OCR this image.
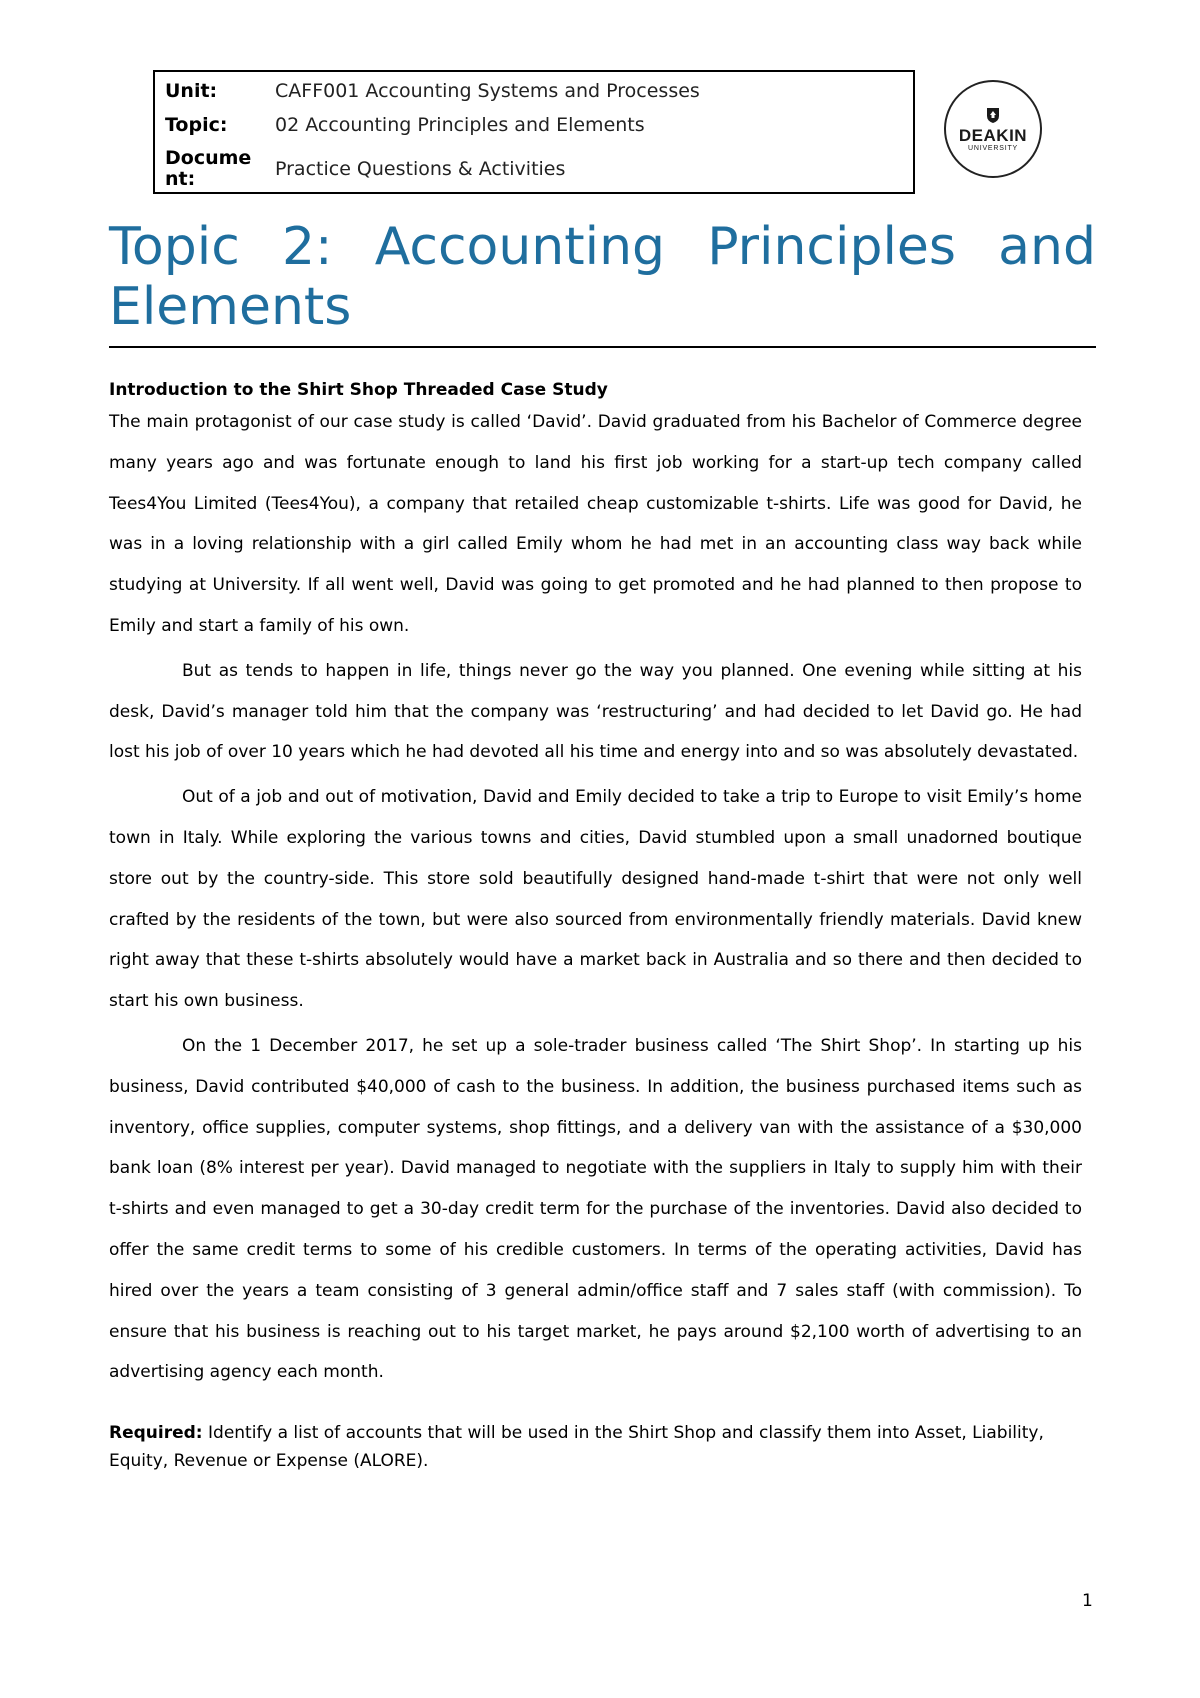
Unit:	CAFF001 Accounting Systems and Processes
Topic:	02 Accounting Principles and Elements
Docume
nt:	Practice Questions & Activities
DEAKIN
UNIVERSITY
Topic 2: Accounting Principles and Elements

Introduction to the Shirt Shop Threaded Case Study

The main protagonist of our case study is called ‘David’. David graduated from his Bachelor of Commerce degree many years ago and was fortunate enough to land his first job working for a start-up tech company called Tees4You Limited (Tees4You), a company that retailed cheap customizable t-shirts. Life was good for David, he was in a loving relationship with a girl called Emily whom he had met in an accounting class way back while studying at University. If all went well, David was going to get promoted and he had planned to then propose to Emily and start a family of his own.

But as tends to happen in life, things never go the way you planned. One evening while sitting at his desk, David’s manager told him that the company was ‘restructuring’ and had decided to let David go. He had lost his job of over 10 years which he had devoted all his time and energy into and so was absolutely devastated.

Out of a job and out of motivation, David and Emily decided to take a trip to Europe to visit Emily’s home town in Italy. While exploring the various towns and cities, David stumbled upon a small unadorned boutique store out by the country-side. This store sold beautifully designed hand-made t-shirt that were not only well crafted by the residents of the town, but were also sourced from environmentally friendly materials. David knew right away that these t-shirts absolutely would have a market back in Australia and so there and then decided to start his own business.

On the 1 December 2017, he set up a sole-trader business called ‘The Shirt Shop’. In starting up his business, David contributed $40,000 of cash to the business. In addition, the business purchased items such as inventory, office supplies, computer systems, shop fittings, and a delivery van with the assistance of a $30,000 bank loan (8% interest per year). David managed to negotiate with the suppliers in Italy to supply him with their t-shirts and even managed to get a 30-day credit term for the purchase of the inventories. David also decided to offer the same credit terms to some of his credible customers. In terms of the operating activities, David has hired over the years a team consisting of 3 general admin/office staff and 7 sales staff (with commission). To ensure that his business is reaching out to his target market, he pays around $2,100 worth of advertising to an advertising agency each month.

Required: Identify a list of accounts that will be used in the Shirt Shop and classify them into Asset, Liability, Equity, Revenue or Expense (ALORE).

1
